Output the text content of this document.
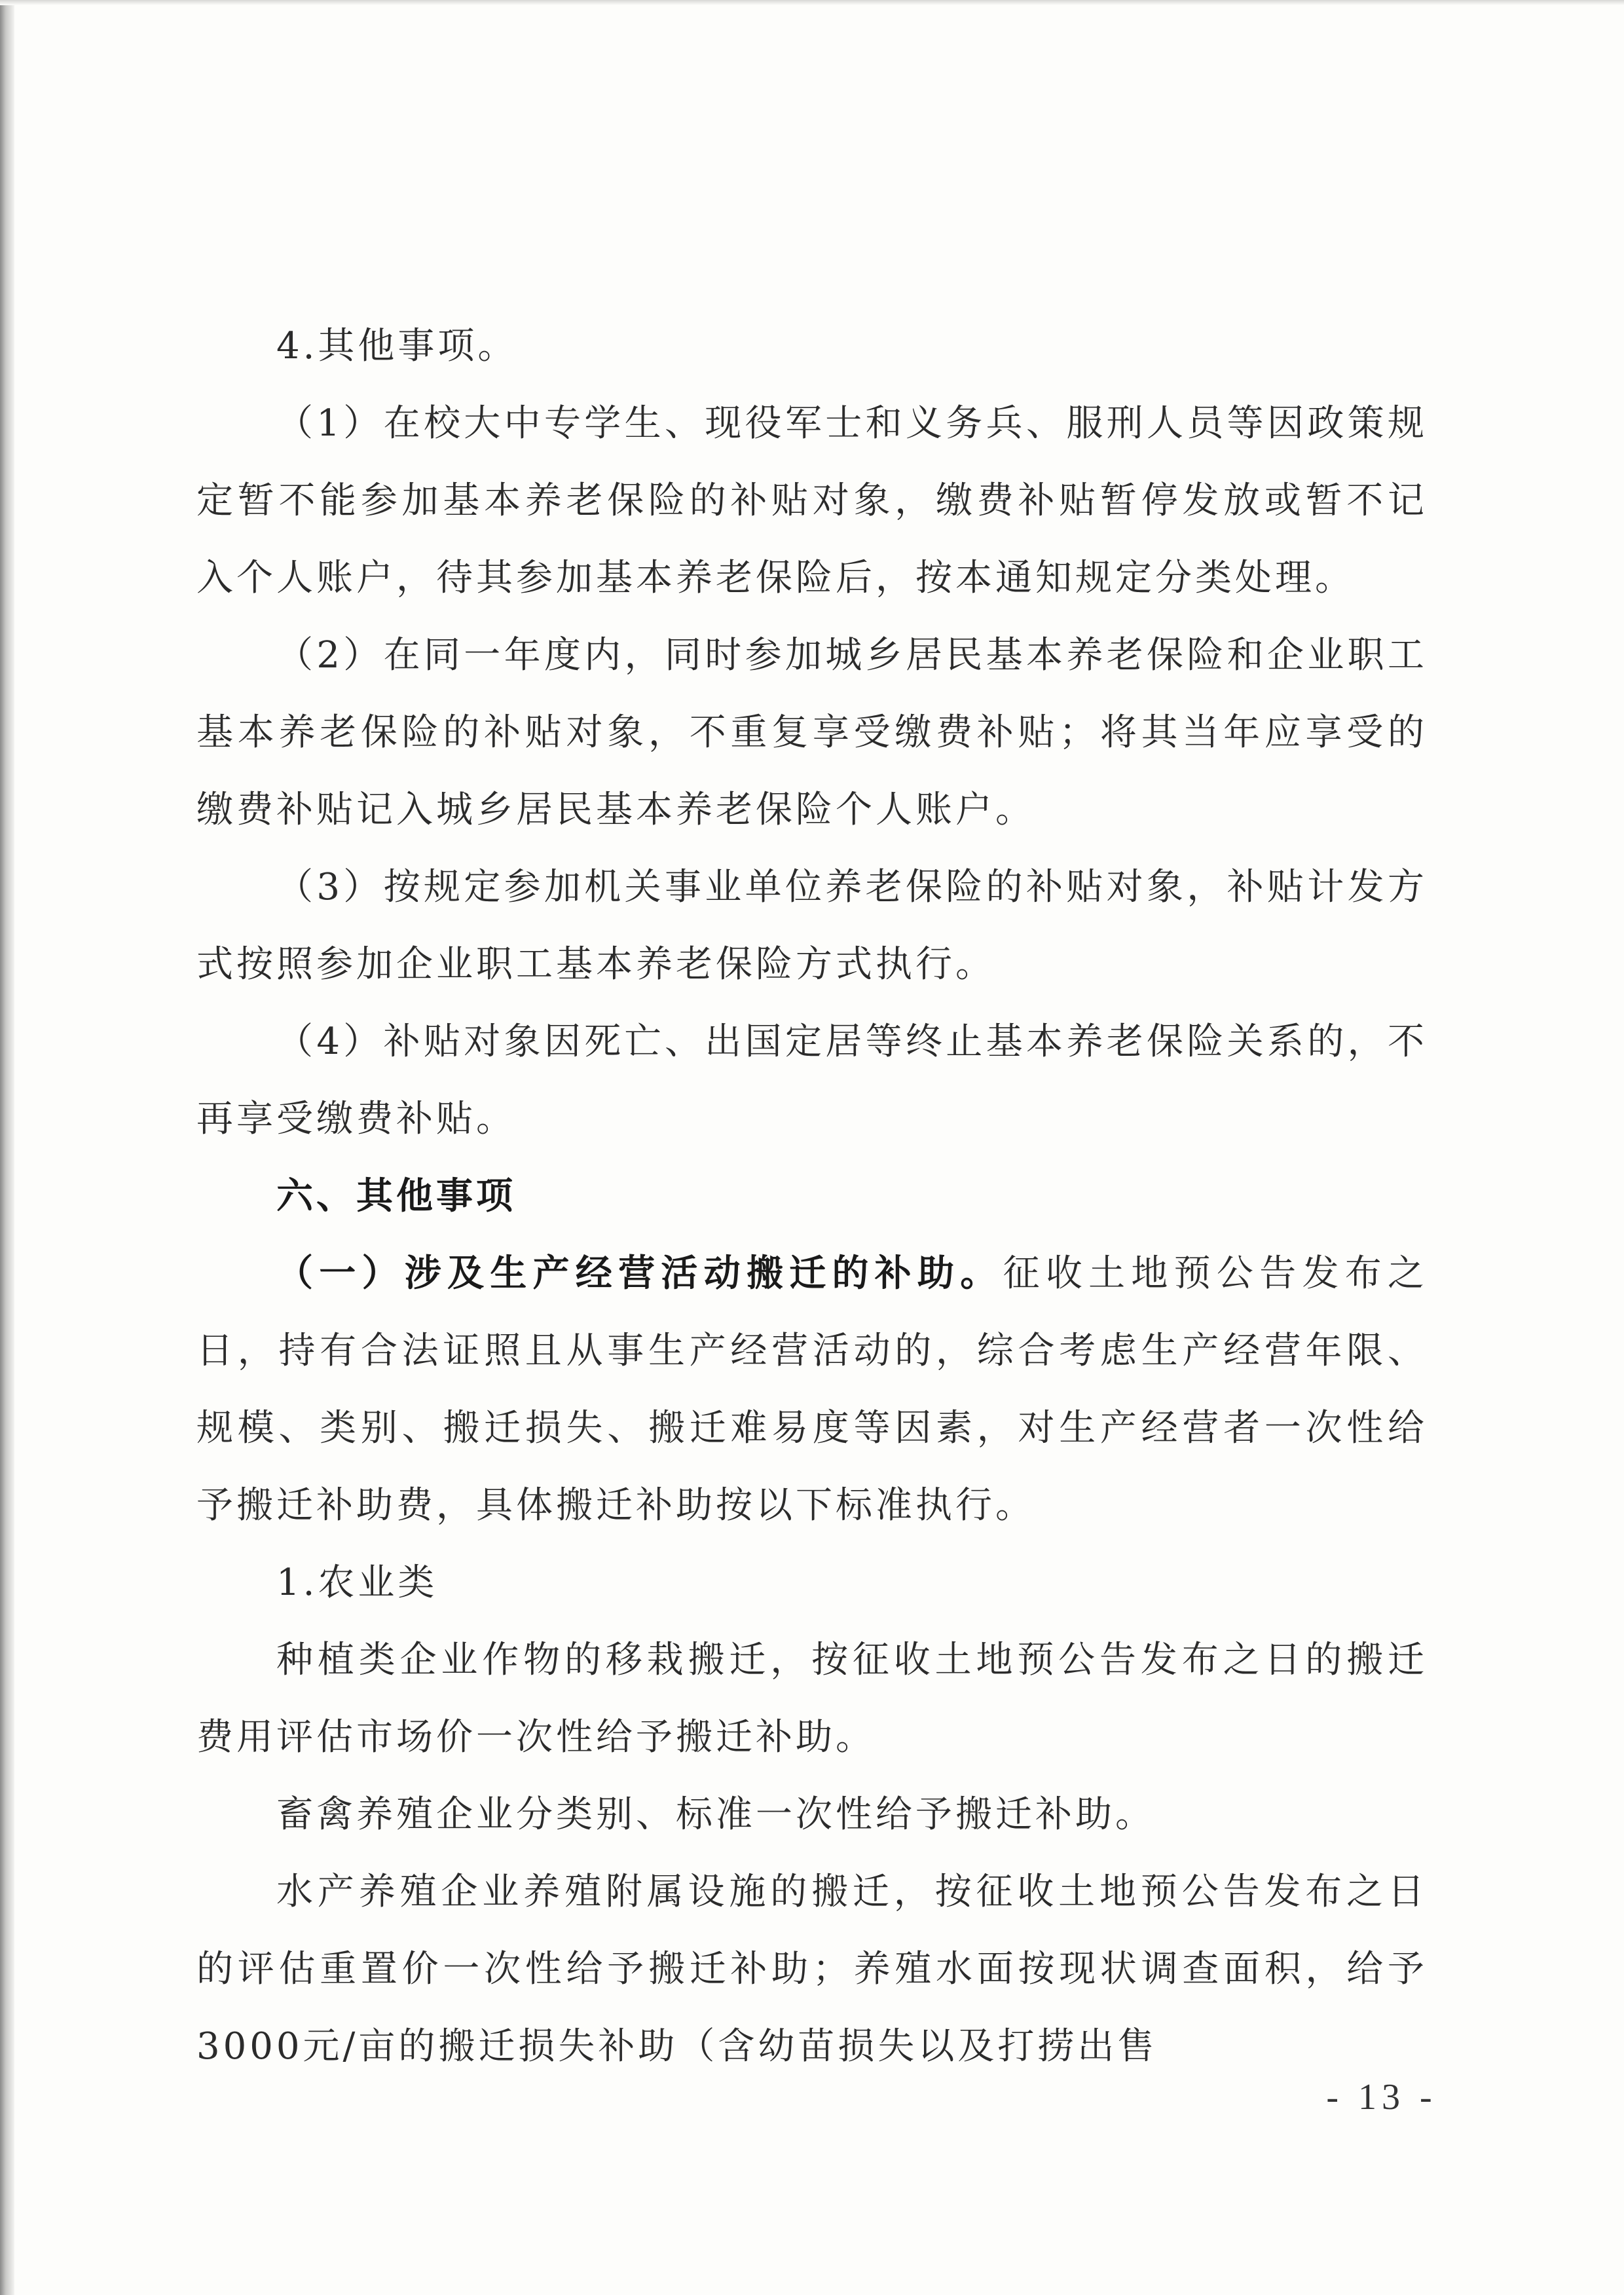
4.其他事项。

（1）在校大中专学生、现役军士和义务兵、服刑人员等因政策规定暂不能参加基本养老保险的补贴对象，缴费补贴暂停发放或暂不记入个人账户，待其参加基本养老保险后，按本通知规定分类处理。

（2）在同一年度内，同时参加城乡居民基本养老保险和企业职工基本养老保险的补贴对象，不重复享受缴费补贴；将其当年应享受的缴费补贴记入城乡居民基本养老保险个人账户。

（3）按规定参加机关事业单位养老保险的补贴对象，补贴计发方式按照参加企业职工基本养老保险方式执行。

（4）补贴对象因死亡、出国定居等终止基本养老保险关系的，不再享受缴费补贴。

六、其他事项

（一）涉及生产经营活动搬迁的补助。征收土地预公告发布之日，持有合法证照且从事生产经营活动的，综合考虑生产经营年限、规模、类别、搬迁损失、搬迁难易度等因素，对生产经营者一次性给予搬迁补助费，具体搬迁补助按以下标准执行。

1.农业类

种植类企业作物的移栽搬迁，按征收土地预公告发布之日的搬迁费用评估市场价一次性给予搬迁补助。

畜禽养殖企业分类别、标准一次性给予搬迁补助。

水产养殖企业养殖附属设施的搬迁，按征收土地预公告发布之日的评估重置价一次性给予搬迁补助；养殖水面按现状调查面积，给予3000元/亩的搬迁损失补助（含幼苗损失以及打捞出售

- 13 -
